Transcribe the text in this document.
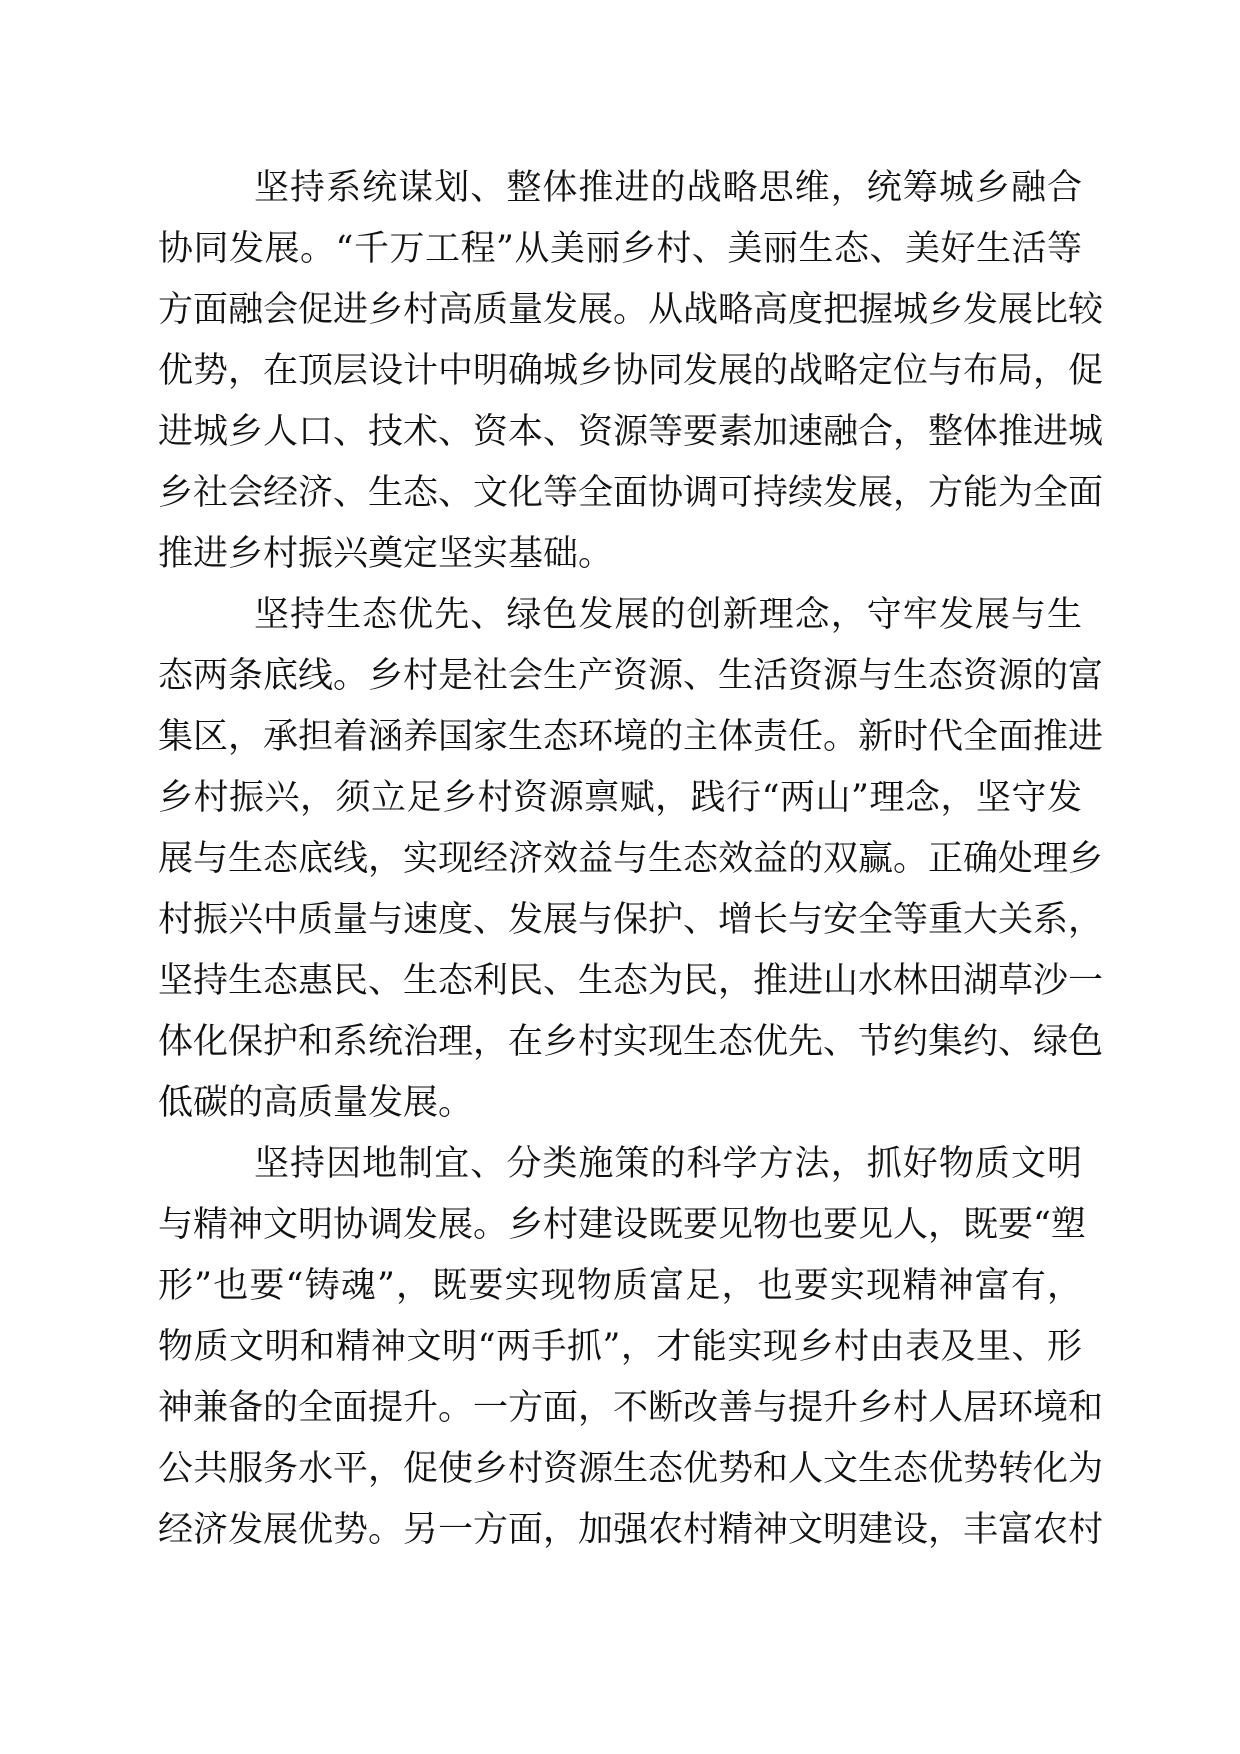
坚持系统谋划、整体推进的战略思维，统筹城乡融合
协同发展。“千万工程”从美丽乡村、美丽生态、美好生活等
方面融会促进乡村高质量发展。从战略高度把握城乡发展比较
优势，在顶层设计中明确城乡协同发展的战略定位与布局，促
进城乡人口、技术、资本、资源等要素加速融合，整体推进城
乡社会经济、生态、文化等全面协调可持续发展，方能为全面
推进乡村振兴奠定坚实基础。
坚持生态优先、绿色发展的创新理念，守牢发展与生
态两条底线。乡村是社会生产资源、生活资源与生态资源的富
集区，承担着涵养国家生态环境的主体责任。新时代全面推进
乡村振兴，须立足乡村资源禀赋，践行“两山”理念，坚守发
展与生态底线，实现经济效益与生态效益的双赢。正确处理乡
村振兴中质量与速度、发展与保护、增长与安全等重大关系，
坚持生态惠民、生态利民、生态为民，推进山水林田湖草沙一
体化保护和系统治理，在乡村实现生态优先、节约集约、绿色
低碳的高质量发展。
坚持因地制宜、分类施策的科学方法，抓好物质文明
与精神文明协调发展。乡村建设既要见物也要见人，既要“塑
形”也要“铸魂”，既要实现物质富足，也要实现精神富有，
物质文明和精神文明“两手抓”，才能实现乡村由表及里、形
神兼备的全面提升。一方面，不断改善与提升乡村人居环境和
公共服务水平，促使乡村资源生态优势和人文生态优势转化为
经济发展优势。另一方面，加强农村精神文明建设，丰富农村
